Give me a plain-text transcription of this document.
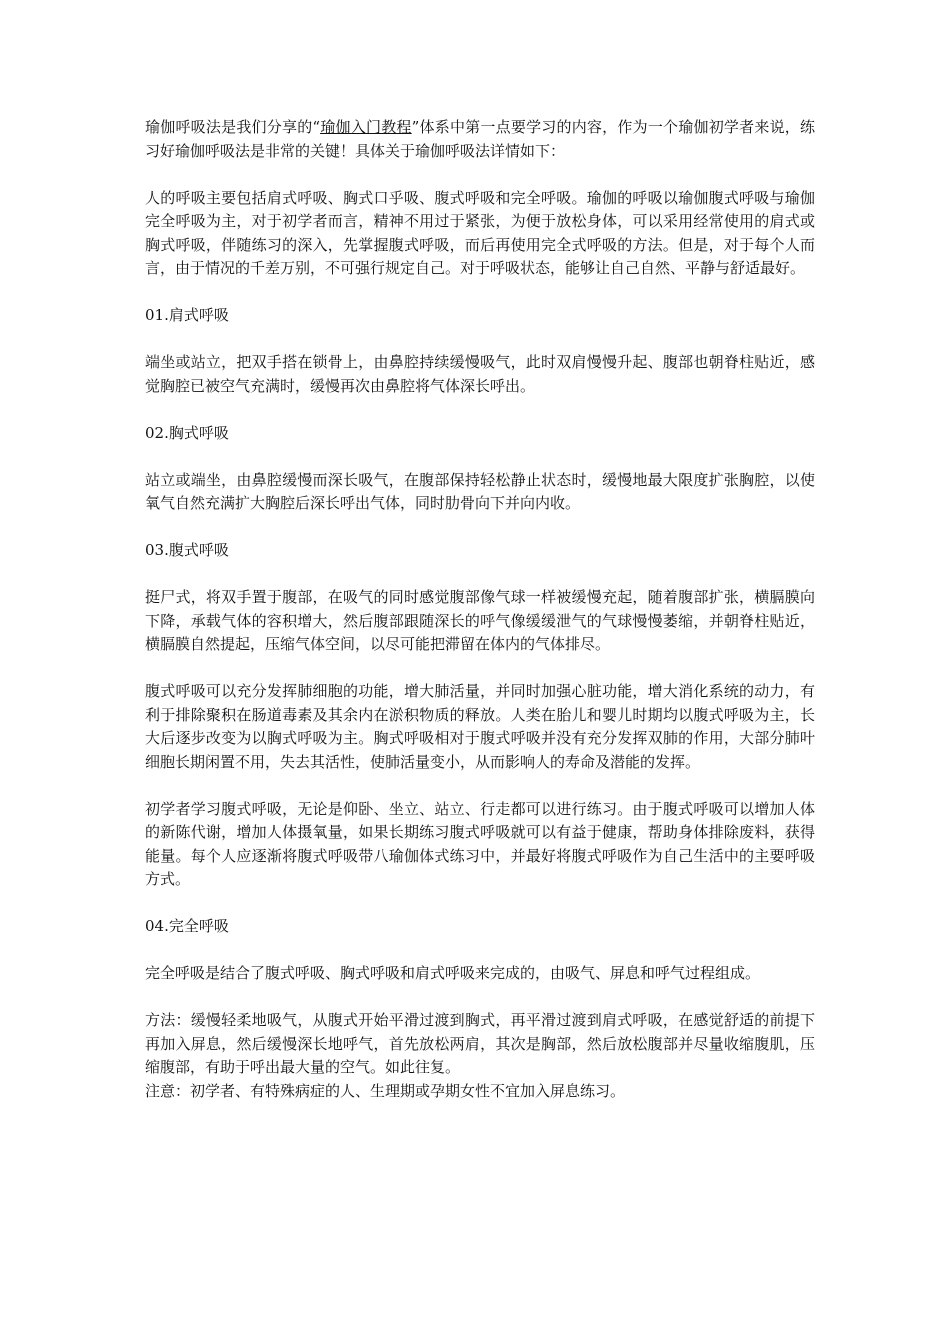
瑜伽呼吸法是我们分享的“瑜伽入门教程”体系中第一点要学习的内容，作为一个瑜伽初学者来说，练习好瑜伽呼吸法是非常的关键！具体关于瑜伽呼吸法详情如下：

人的呼吸主要包括肩式呼吸、胸式口乎吸、腹式呼吸和完全呼吸。瑜伽的呼吸以瑜伽腹式呼吸与瑜伽完全呼吸为主，对于初学者而言，精神不用过于紧张，为便于放松身体，可以采用经常使用的肩式或胸式呼吸，伴随练习的深入，先掌握腹式呼吸，而后再使用完全式呼吸的方法。但是，对于每个人而言，由于情况的千差万别，不可强行规定自己。对于呼吸状态，能够让自己自然、平静与舒适最好。

01.肩式呼吸

端坐或站立，把双手搭在锁骨上，由鼻腔持续缓慢吸气，此时双肩慢慢升起、腹部也朝脊柱贴近，感觉胸腔已被空气充满时，缓慢再次由鼻腔将气体深长呼出。

02.胸式呼吸

站立或端坐，由鼻腔缓慢而深长吸气，在腹部保持轻松静止状态时，缓慢地最大限度扩张胸腔，以使氧气自然充满扩大胸腔后深长呼出气体，同时肋骨向下并向内收。

03.腹式呼吸

挺尸式，将双手置于腹部，在吸气的同时感觉腹部像气球一样被缓慢充起，随着腹部扩张，横膈膜向下降，承载气体的容积增大，然后腹部跟随深长的呼气像缓缓泄气的气球慢慢萎缩，并朝脊柱贴近，横膈膜自然提起，压缩气体空间，以尽可能把滞留在体内的气体排尽。

腹式呼吸可以充分发挥肺细胞的功能，增大肺活量，并同时加强心脏功能，增大消化系统的动力，有利于排除聚积在肠道毒素及其余内在淤积物质的释放。人类在胎儿和婴儿时期均以腹式呼吸为主，长大后逐步改变为以胸式呼吸为主。胸式呼吸相对于腹式呼吸并没有充分发挥双肺的作用，大部分肺叶细胞长期闲置不用，失去其活性，使肺活量变小，从而影响人的寿命及潜能的发挥。

初学者学习腹式呼吸，无论是仰卧、坐立、站立、行走都可以进行练习。由于腹式呼吸可以增加人体的新陈代谢，增加人体摄氧量，如果长期练习腹式呼吸就可以有益于健康，帮助身体排除废料，获得能量。每个人应逐渐将腹式呼吸带八瑜伽体式练习中，并最好将腹式呼吸作为自己生活中的主要呼吸方式。

04.完全呼吸

完全呼吸是结合了腹式呼吸、胸式呼吸和肩式呼吸来完成的，由吸气、屏息和呼气过程组成。

方法：缓慢轻柔地吸气，从腹式开始平滑过渡到胸式，再平滑过渡到肩式呼吸，在感觉舒适的前提下再加入屏息，然后缓慢深长地呼气，首先放松两肩，其次是胸部，然后放松腹部并尽量收缩腹肌，压缩腹部，有助于呼出最大量的空气。如此往复。

注意：初学者、有特殊病症的人、生理期或孕期女性不宜加入屏息练习。
